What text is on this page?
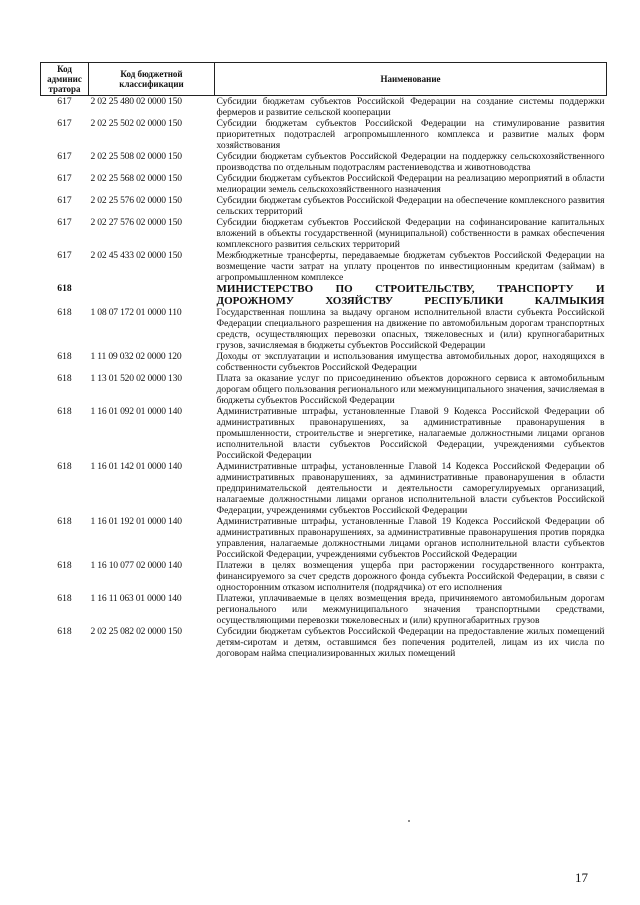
Код админис тратора	Код бюджетной классификации	Наименование
617	2 02 25 480 02 0000 150	Субсидии бюджетам субъектов Российской Федерации на создание системы поддержки фермеров и развитие сельской кооперации
617	2 02 25 502 02 0000 150	Субсидии бюджетам субъектов Российской Федерации на стимулирование развития приоритетных подотраслей агропромышленного комплекса и развитие малых форм хозяйствования
617	2 02 25 508 02 0000 150	Субсидии бюджетам субъектов Российской Федерации на поддержку сельскохозяйственного производства по отдельным подотраслям растениеводства и животноводства
617	2 02 25 568 02 0000 150	Субсидии бюджетам субъектов Российской Федерации на реализацию мероприятий в области мелиорации земель сельскохозяйственного назначения
617	2 02 25 576 02 0000 150	Субсидии бюджетам субъектов Российской Федерации на обеспечение комплексного развития сельских территорий
617	2 02 27 576 02 0000 150	Субсидии бюджетам субъектов Российской Федерации на софинансирование капитальных вложений в объекты государственной (муниципальной) собственности в рамках обеспечения комплексного развития сельских территорий
617	2 02 45 433 02 0000 150	Межбюджетные трансферты, передаваемые бюджетам субъектов Российской Федерации на возмещение части затрат на уплату процентов по инвестиционным кредитам (займам) в агропромышленном комплексе
618		МИНИСТЕРСТВО ПО СТРОИТЕЛЬСТВУ, ТРАНСПОРТУ И ДОРОЖНОМУ ХОЗЯЙСТВУ РЕСПУБЛИКИ КАЛМЫКИЯ
618	1 08 07 172 01 0000 110	Государственная пошлина за выдачу органом исполнительной власти субъекта Российской Федерации специального разрешения на движение по автомобильным дорогам транспортных средств, осуществляющих перевозки опасных, тяжеловесных и (или) крупногабаритных грузов, зачисляемая в бюджеты субъектов Российской Федерации
618	1 11 09 032 02 0000 120	Доходы от эксплуатации и использования имущества автомобильных дорог, находящихся в собственности субъектов Российской Федерации
618	1 13 01 520 02 0000 130	Плата за оказание услуг по присоединению объектов дорожного сервиса к автомобильным дорогам общего пользования регионального или межмуниципального значения, зачисляемая в бюджеты субъектов Российской Федерации
618	1 16 01 092 01 0000 140	Административные штрафы, установленные Главой 9 Кодекса Российской Федерации об административных правонарушениях, за административные правонарушения в промышленности, строительстве и энергетике, налагаемые должностными лицами органов исполнительной власти субъектов Российской Федерации, учреждениями субъектов Российской Федерации
618	1 16 01 142 01 0000 140	Административные штрафы, установленные Главой 14 Кодекса Российской Федерации об административных правонарушениях, за административные правонарушения в области предпринимательской деятельности и деятельности саморегулируемых организаций, налагаемые должностными лицами органов исполнительной власти субъектов Российской Федерации, учреждениями субъектов Российской Федерации
618	1 16 01 192 01 0000 140	Административные штрафы, установленные Главой 19 Кодекса Российской Федерации об административных правонарушениях, за административные правонарушения против порядка управления, налагаемые должностными лицами органов исполнительной власти субъектов Российской Федерации, учреждениями субъектов Российской Федерации
618	1 16 10 077 02 0000 140	Платежи в целях возмещения ущерба при расторжении государственного контракта, финансируемого за счет средств дорожного фонда субъекта Российской Федерации, в связи с односторонним отказом исполнителя (подрядчика) от его исполнения
618	1 16 11 063 01 0000 140	Платежи, уплачиваемые в целях возмещения вреда, причиняемого автомобильным дорогам регионального или межмуниципального значения транспортными средствами, осуществляющими перевозки тяжеловесных и (или) крупногабаритных грузов
618	2 02 25 082 02 0000 150	Субсидии бюджетам субъектов Российской Федерации на предоставление жилых помещений детям-сиротам и детям, оставшимся без попечения родителей, лицам из их числа по договорам найма специализированных жилых помещений
17
